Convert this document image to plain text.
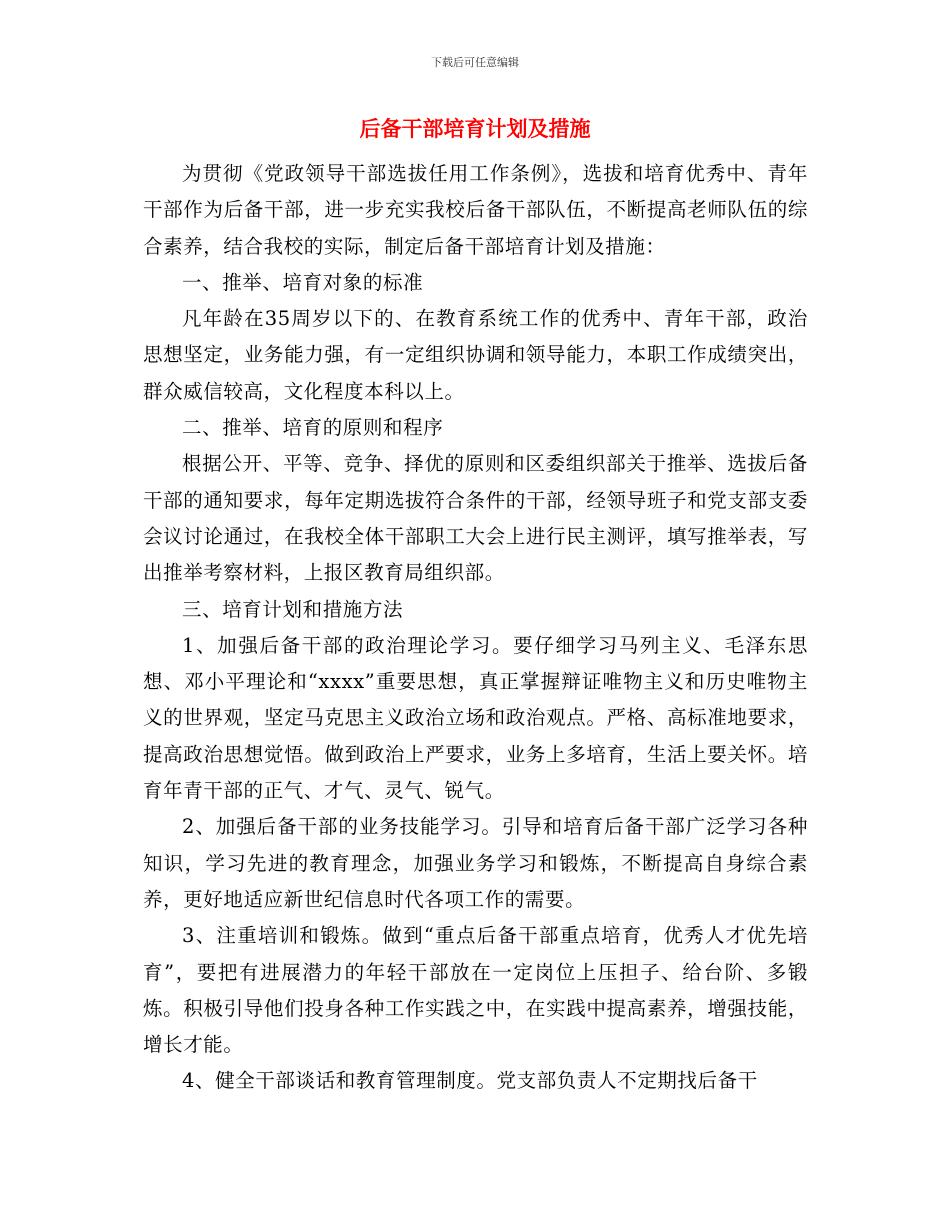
下载后可任意编辑
后备干部培育计划及措施

为贯彻《党政领导干部选拔任用工作条例》，选拔和培育优秀中、青年干部作为后备干部，进一步充实我校后备干部队伍，不断提高老师队伍的综合素养，结合我校的实际，制定后备干部培育计划及措施：

一、推举、培育对象的标准

凡年龄在35周岁以下的、在教育系统工作的优秀中、青年干部，政治思想坚定，业务能力强，有一定组织协调和领导能力，本职工作成绩突出，群众威信较高，文化程度本科以上。

二、推举、培育的原则和程序

根据公开、平等、竞争、择优的原则和区委组织部关于推举、选拔后备干部的通知要求，每年定期选拔符合条件的干部，经领导班子和党支部支委会议讨论通过，在我校全体干部职工大会上进行民主测评，填写推举表，写出推举考察材料，上报区教育局组织部。

三、培育计划和措施方法

1、加强后备干部的政治理论学习。要仔细学习马列主义、毛泽东思想、邓小平理论和“xxxx”重要思想，真正掌握辩证唯物主义和历史唯物主义的世界观，坚定马克思主义政治立场和政治观点。严格、高标准地要求，提高政治思想觉悟。做到政治上严要求，业务上多培育，生活上要关怀。培育年青干部的正气、才气、灵气、锐气。

2、加强后备干部的业务技能学习。引导和培育后备干部广泛学习各种知识，学习先进的教育理念，加强业务学习和锻炼，不断提高自身综合素养，更好地适应新世纪信息时代各项工作的需要。

3、注重培训和锻炼。做到“重点后备干部重点培育，优秀人才优先培育”，要把有进展潜力的年轻干部放在一定岗位上压担子、给台阶、多锻炼。积极引导他们投身各种工作实践之中，在实践中提高素养，增强技能，增长才能。

4、健全干部谈话和教育管理制度。党支部负责人不定期找后备干
